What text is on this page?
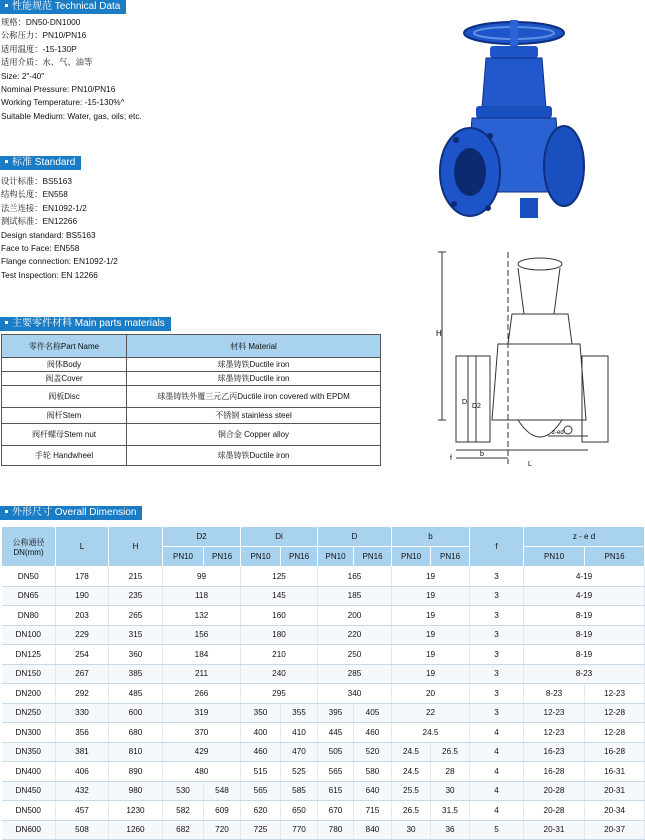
性能规范 Technical Data
规格：DN50-DN1000
公称压力：PN10/PN16
适用温度：-15-130P
适用介质：水、气、油等
Size: 2"-40"
Nominal Pressure: PN10/PN16
Working Temperature: -15-130%^
Suitable Medium: Water, gas, oils; etc.
标准 Standard
设计标准：BS5163
结构长度：EN558
法兰连接：EN1092-1/2
测试标准：EN12266
Design standard: BS5163
Face to Face: EN558
Flange connection: EN1092-1/2
Test Inspection: EN 12266
H
D
D2
f
b
L
z-ed
主要零件材料 Main parts materials
零件名称Part Name	材料 Material
阀体Body	球墨铸铁Ductile iron
阀盖Cover	球墨铸铁Ductile iron
阀板Disc	球墨铸铁外覆三元乙丙Ductile iron covered with EPDM
阀杆Stem	不锈钢 stainless steel
阀杆螺母Stem nut	铜合金 Copper alloy
手轮 Handwheel	球墨铸铁Ductile iron
外形尺寸 Overall Dimension
公称通径DN(mm)	L	H	D2		Di		D		b		f	z - e d	
			PN10	PN16	PN10	PN16	PN10	PN16	PN10	PN16		PN10	PN16
DN50	178	215	99		125		165		19		3	4-19	
DN65	190	235	118		145		185		19		3	4-19	
DN80	203	265	132		160		200		19		3	8-19	
DN100	229	315	156		180		220		19		3	8-19	
DN125	254	360	184		210		250		19		3	8-19	
DN150	267	385	211		240		285		19		3	8-23	
DN200	292	485	266		295		340		20		3	8-23	12-23
DN250	330	600	319		350	355	395	405	22		3	12-23	12-28
DN300	356	680	370		400	410	445	460	24.5		4	12-23	12-28
DN350	381	810	429		460	470	505	520	24.5	26.5	4	16-23	16-28
DN400	406	890	480		515	525	565	580	24.5	28	4	16-28	16-31
DN450	432	980	530	548	565	585	615	640	25.5	30	4	20-28	20-31
DN500	457	1230	582	609	620	650	670	715	26.5	31.5	4	20-28	20-34
DN600	508	1260	682	720	725	770	780	840	30	36	5	20-31	20-37
